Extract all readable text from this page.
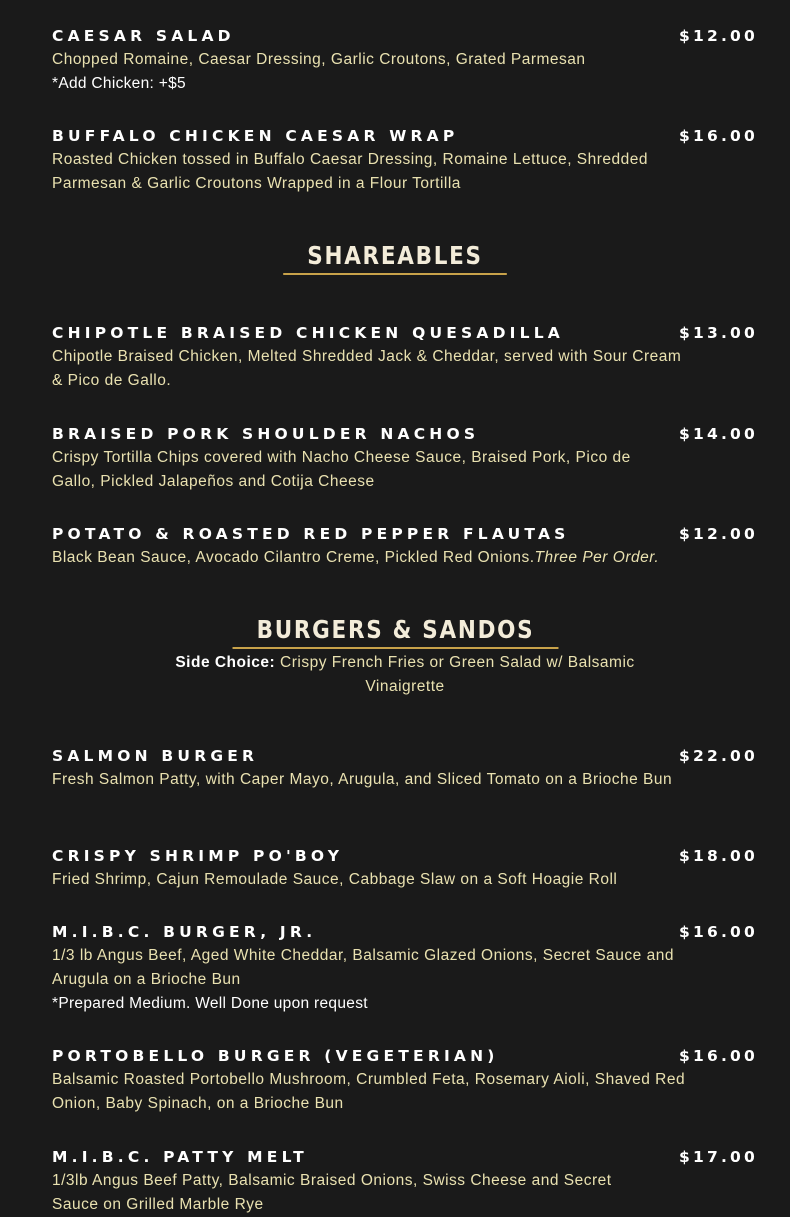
CAESAR SALAD	$12.00
Chopped Romaine, Caesar Dressing, Garlic Croutons, Grated Parmesan
*Add Chicken: +$5
BUFFALO CHICKEN CAESAR WRAP	$16.00
Roasted Chicken tossed in Buffalo Caesar Dressing, Romaine Lettuce, Shredded Parmesan & Garlic Croutons Wrapped in a Flour Tortilla
SHAREABLES
CHIPOTLE BRAISED CHICKEN QUESADILLA	$13.00
Chipotle Braised Chicken, Melted Shredded Jack & Cheddar, served with Sour Cream & Pico de Gallo.
BRAISED PORK SHOULDER NACHOS	$14.00
Crispy Tortilla Chips covered with Nacho Cheese Sauce, Braised Pork, Pico de Gallo, Pickled Jalapeños and Cotija Cheese
POTATO & ROASTED RED PEPPER FLAUTAS	$12.00
Black Bean Sauce, Avocado Cilantro Creme, Pickled Red Onions.Three Per Order.
BURGERS & SANDOS
Side Choice: Crispy French Fries or Green Salad w/ Balsamic Vinaigrette
SALMON BURGER	$22.00
Fresh Salmon Patty, with Caper Mayo, Arugula, and Sliced Tomato on a Brioche Bun
CRISPY SHRIMP PO'BOY	$18.00
Fried Shrimp, Cajun Remoulade Sauce, Cabbage Slaw on a Soft Hoagie Roll
M.I.B.C. BURGER, JR.	$16.00
1/3 lb Angus Beef, Aged White Cheddar, Balsamic Glazed Onions, Secret Sauce and Arugula on a Brioche Bun
*Prepared Medium. Well Done upon request
PORTOBELLO BURGER (VEGETERIAN)	$16.00
Balsamic Roasted Portobello Mushroom, Crumbled Feta, Rosemary Aioli, Shaved Red Onion, Baby Spinach, on a Brioche Bun
M.I.B.C. PATTY MELT	$17.00
1/3lb Angus Beef Patty, Balsamic Braised Onions, Swiss Cheese and Secret Sauce on Grilled Marble Rye
